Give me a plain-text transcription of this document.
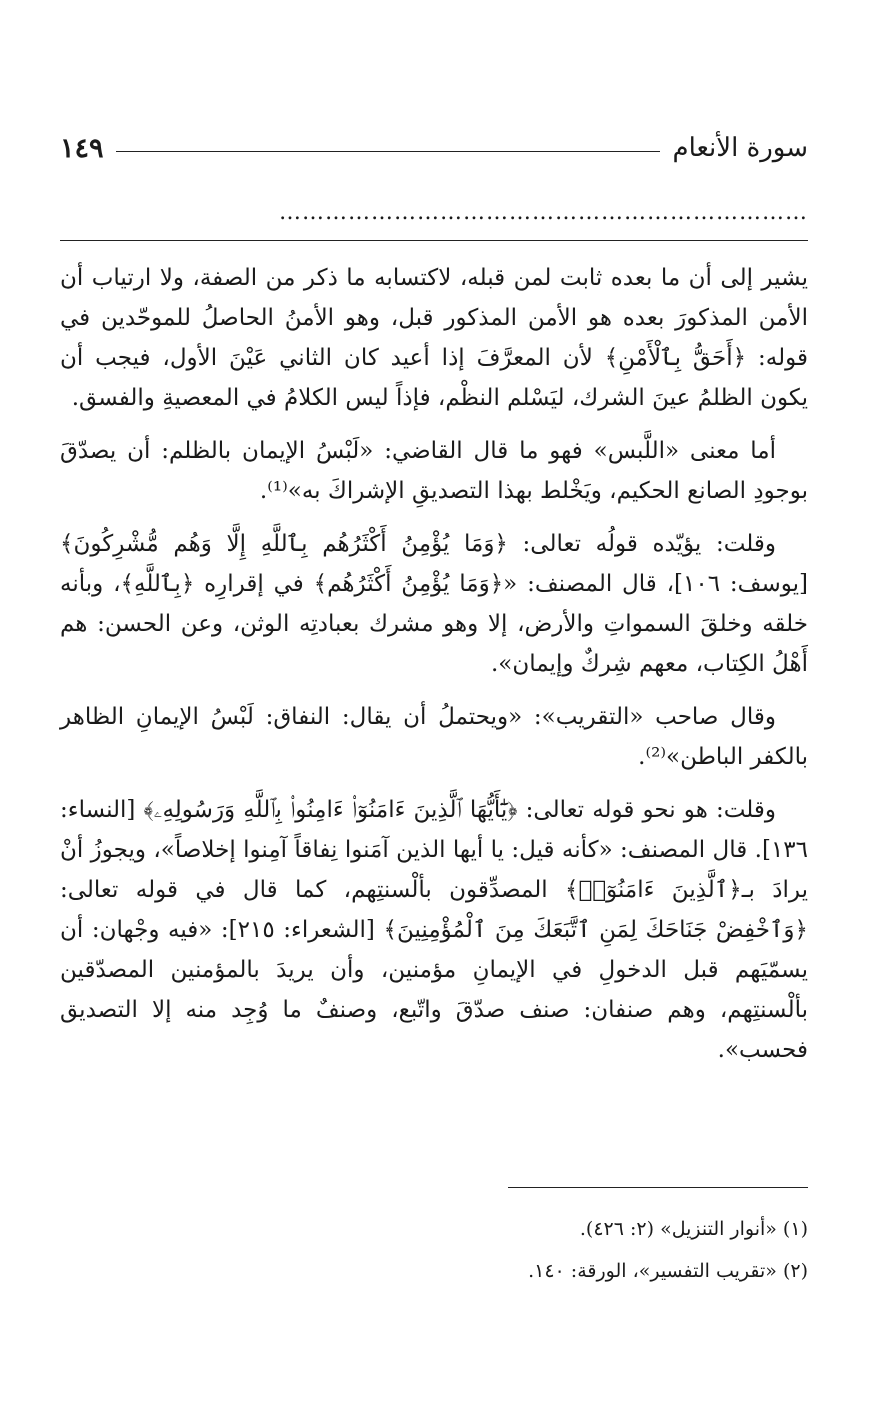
سورة الأنعام
١٤٩
……………………………………………………………

يشير إلى أن ما بعده ثابت لمن قبله، لاكتسابه ما ذكر من الصفة، ولا ارتياب أن الأمن المذكورَ بعده هو الأمن المذكور قبل، وهو الأمنُ الحاصلُ للموحّدين في قوله: ﴿أَحَقُّ بِٱلْأَمْنِ﴾ لأن المعرَّفَ إذا أعيد كان الثاني عَيْنَ الأول، فيجب أن يكون الظلمُ عينَ الشرك، ليَسْلم النظْم، فإذاً ليس الكلامُ في المعصيةِ والفسق.

أما معنى «اللَّبس» فهو ما قال القاضي: «لَبْسُ الإيمان بالظلم: أن يصدّقَ بوجودِ الصانع الحكيم، ويَخْلط بهذا التصديقِ الإشراكَ به»⁽¹⁾.

وقلت: يؤيّده قولُه تعالى: ﴿وَمَا يُؤْمِنُ أَكْثَرُهُم بِٱللَّهِ إِلَّا وَهُم مُّشْرِكُونَ﴾ [يوسف: ١٠٦]، قال المصنف: «﴿وَمَا يُؤْمِنُ أَكْثَرُهُم﴾ في إقرارِه ﴿بِٱللَّهِ﴾، وبأنه خلقه وخلقَ السمواتِ والأرض، إلا وهو مشرك بعبادتِه الوثن، وعن الحسن: هم أَهْلُ الكِتاب، معهم شِركٌ وإيمان».

وقال صاحب «التقريب»: «ويحتملُ أن يقال: النفاق: لَبْسُ الإيمانِ الظاهر بالكفر الباطن»⁽²⁾.

وقلت: هو نحو قوله تعالى: ﴿يَٰٓأَيُّهَا ٱلَّذِينَ ءَامَنُوٓا۟ ءَامِنُوا۟ بِٱللَّهِ وَرَسُولِهِۦ﴾ [النساء: ١٣٦]. قال المصنف: «كأنه قيل: يا أيها الذين آمَنوا نِفاقاً آمِنوا إخلاصاً»، ويجوزُ أنْ يرادَ بـ﴿ٱلَّذِينَ ءَامَنُوٓا۟﴾ المصدِّقون بألْسنتِهم، كما قال في قوله تعالى: ﴿وَٱخْفِضْ جَنَاحَكَ لِمَنِ ٱتَّبَعَكَ مِنَ ٱلْمُؤْمِنِينَ﴾ [الشعراء: ٢١٥]: «فيه وجْهان: أن يسمّيَهم قبل الدخولِ في الإيمانِ مؤمنين، وأن يريدَ بالمؤمنين المصدّقين بألْسنتِهم، وهم صنفان: صنف صدّقَ واتّبع، وصنفٌ ما وُجِد منه إلا التصديق فحسب».

(١) «أنوار التنزيل» (٢: ٤٢٦).

(٢) «تقريب التفسير»، الورقة: ١٤٠.
